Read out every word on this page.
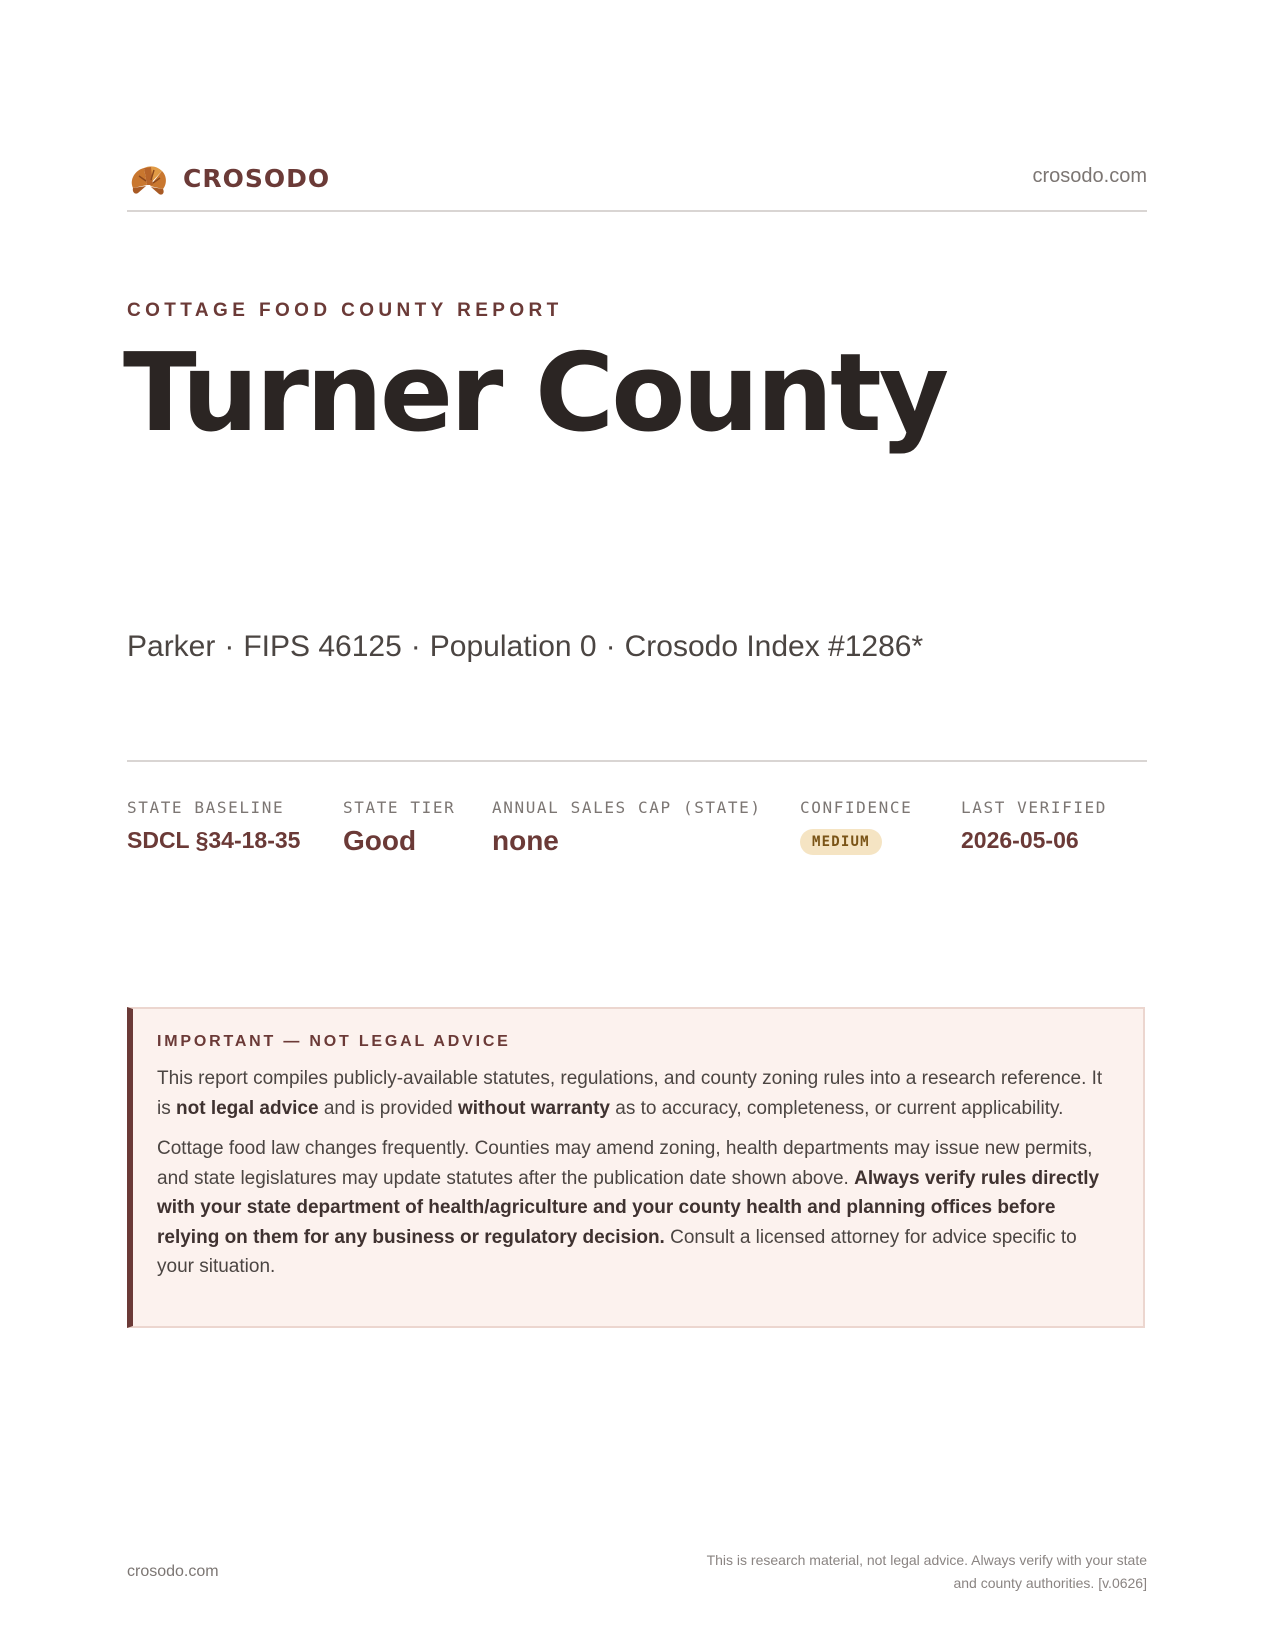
CROSODO	crosodo.com
COTTAGE FOOD COUNTY REPORT
Turner County
Parker · FIPS 46125 · Population 0 · Crosodo Index #1286*
STATE BASELINE
SDCL §34-18-35
STATE TIER
Good
ANNUAL SALES CAP (STATE)
none
CONFIDENCE
MEDIUM
LAST VERIFIED
2026-05-06
IMPORTANT — NOT LEGAL ADVICE

This report compiles publicly-available statutes, regulations, and county zoning rules into a research reference. It is not legal advice and is provided without warranty as to accuracy, completeness, or current applicability.

Cottage food law changes frequently. Counties may amend zoning, health departments may issue new permits, and state legislatures may update statutes after the publication date shown above. Always verify rules directly with your state department of health/agriculture and your county health and planning offices before relying on them for any business or regulatory decision. Consult a licensed attorney for advice specific to your situation.

crosodo.com
This is research material, not legal advice. Always verify with your state
and county authorities. [v.0626]
